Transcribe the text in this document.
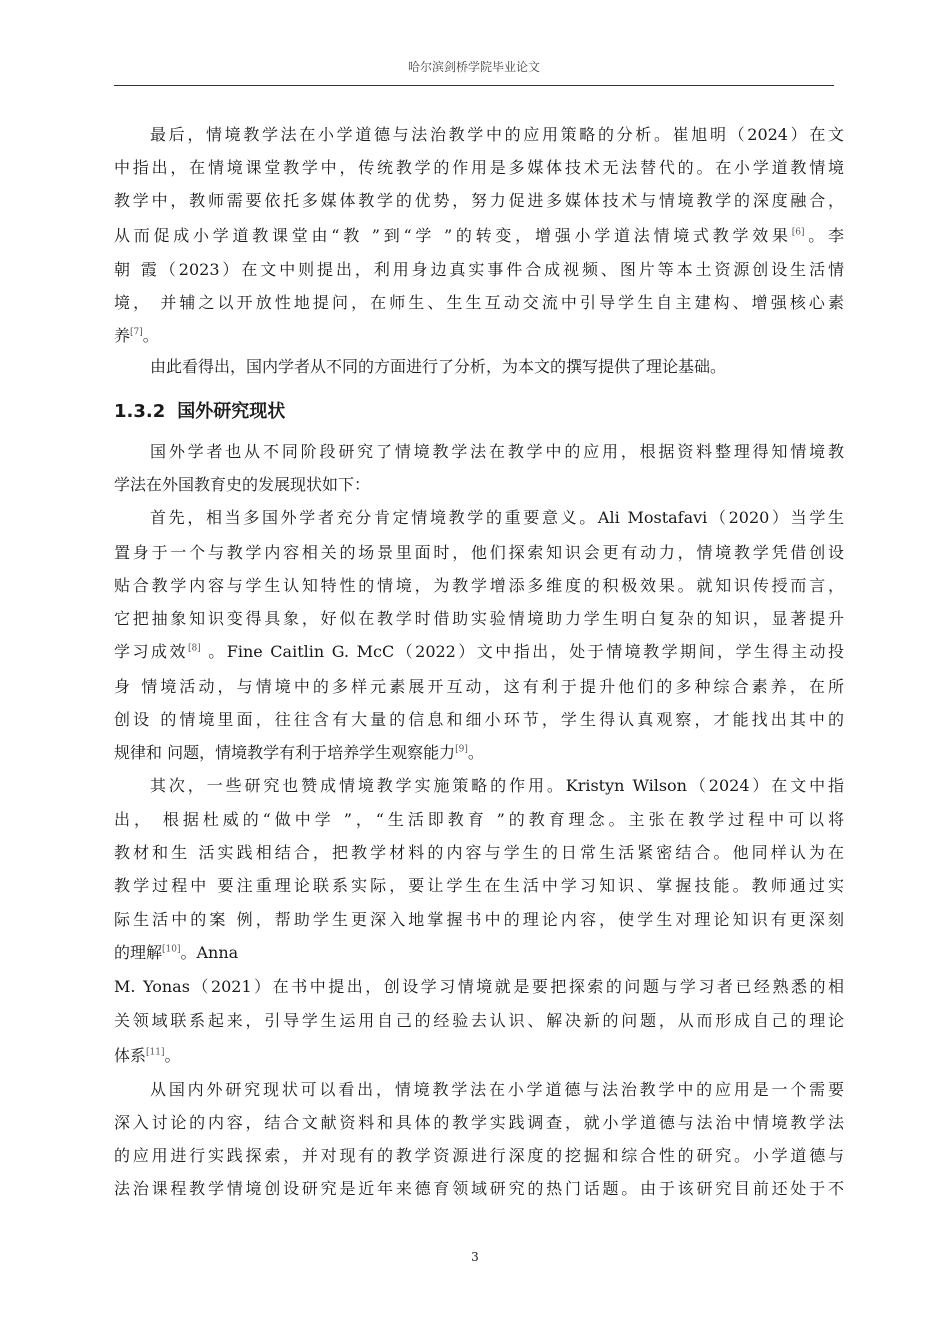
哈尔滨剑桥学院毕业论文
最后，情境教学法在小学道德与法治教学中的应用策略的分析。崔旭明（2024）在文
中指出，在情境课堂教学中，传统教学的作用是多媒体技术无法替代的。在小学道教情境
教学中，教师需要依托多媒体教学的优势，努力促进多媒体技术与情境教学的深度融合，
从而促成小学道教课堂由“教 ”到“学 ”的转变，增强小学道法情境式教学效果[6]。李
朝 霞（2023）在文中则提出，利用身边真实事件合成视频、图片等本土资源创设生活情
境， 并辅之以开放性地提问，在师生、生生互动交流中引导学生自主建构、增强核心素
养[7]。
由此看得出，国内学者从不同的方面进行了分析，为本文的撰写提供了理论基础。
1.3.2 国外研究现状
国外学者也从不同阶段研究了情境教学法在教学中的应用，根据资料整理得知情境教
学法在外国教育史的发展现状如下：
首先，相当多国外学者充分肯定情境教学的重要意义。Ali Mostafavi（2020）当学生
置身于一个与教学内容相关的场景里面时，他们探索知识会更有动力，情境教学凭借创设
贴合教学内容与学生认知特性的情境，为教学增添多维度的积极效果。就知识传授而言，
它把抽象知识变得具象，好似在教学时借助实验情境助力学生明白复杂的知识，显著提升
学习成效[8] 。Fine Caitlin G. McC（2022）文中指出，处于情境教学期间，学生得主动投
身 情境活动，与情境中的多样元素展开互动，这有利于提升他们的多种综合素养，在所
创设 的情境里面，往往含有大量的信息和细小环节，学生得认真观察，才能找出其中的
规律和 问题，情境教学有利于培养学生观察能力[9]。
其次，一些研究也赞成情境教学实施策略的作用。Kristyn Wilson（2024）在文中指
出， 根据杜威的“做中学 ”，“生活即教育 ”的教育理念。主张在教学过程中可以将
教材和生 活实践相结合，把教学材料的内容与学生的日常生活紧密结合。他同样认为在
教学过程中 要注重理论联系实际，要让学生在生活中学习知识、掌握技能。教师通过实
际生活中的案 例，帮助学生更深入地掌握书中的理论内容，使学生对理论知识有更深刻
的理解[10]。Anna
M. Yonas（2021）在书中提出，创设学习情境就是要把探索的问题与学习者已经熟悉的相
关领域联系起来，引导学生运用自己的经验去认识、解决新的问题，从而形成自己的理论
体系[11]。
从国内外研究现状可以看出，情境教学法在小学道德与法治教学中的应用是一个需要
深入讨论的内容，结合文献资料和具体的教学实践调查，就小学道德与法治中情境教学法
的应用进行实践探索，并对现有的教学资源进行深度的挖掘和综合性的研究。小学道德与
法治课程教学情境创设研究是近年来德育领域研究的热门话题。由于该研究目前还处于不
3
